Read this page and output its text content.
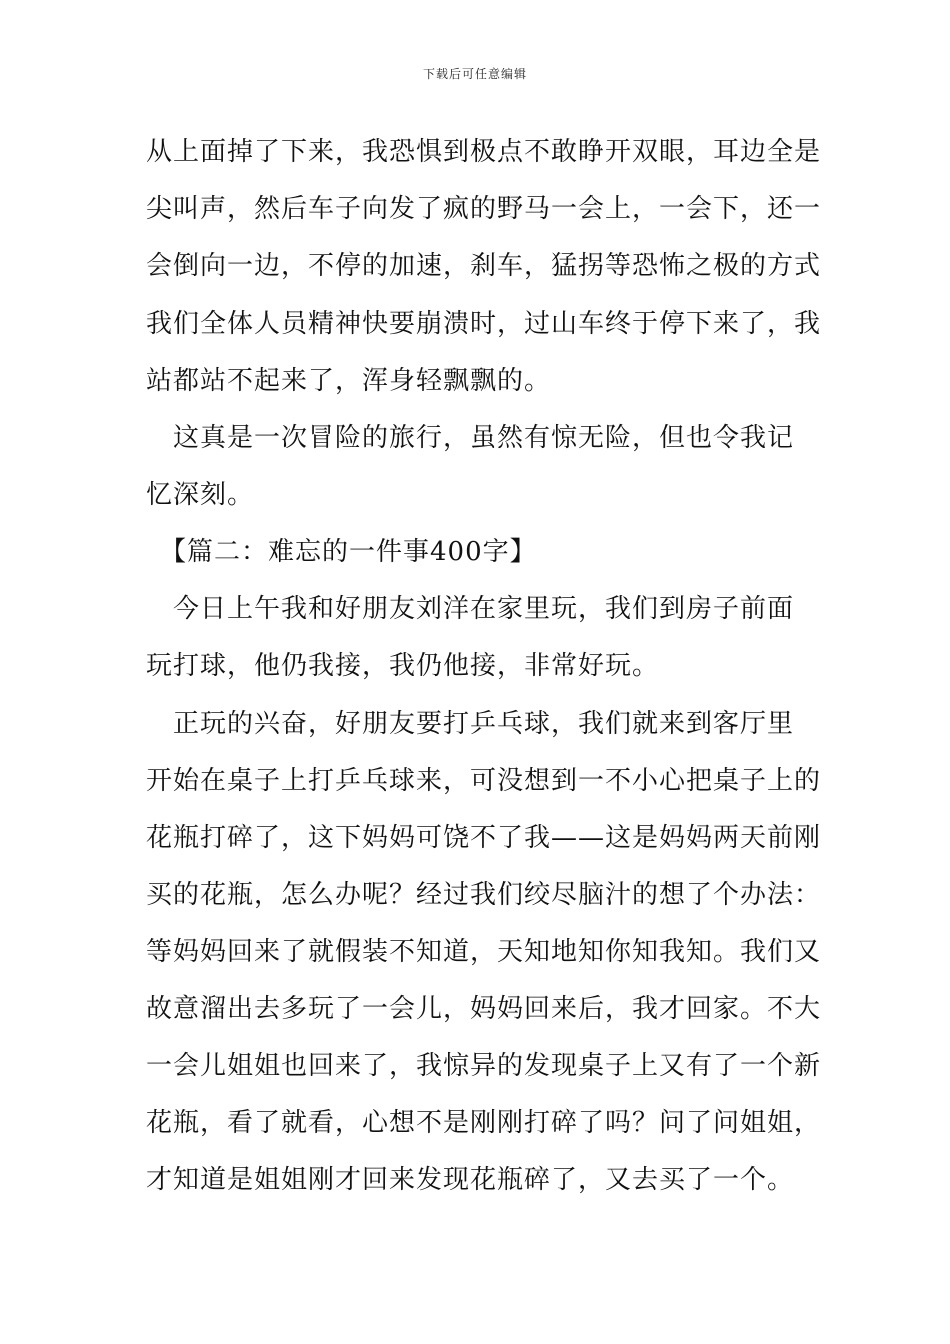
下载后可任意编辑
从上面掉了下来，我恐惧到极点不敢睁开双眼，耳边全是
尖叫声，然后车子向发了疯的野马一会上，一会下，还一
会倒向一边，不停的加速，刹车，猛拐等恐怖之极的方式
我们全体人员精神快要崩溃时，过山车终于停下来了，我
站都站不起来了，浑身轻飘飘的。
　这真是一次冒险的旅行，虽然有惊无险，但也令我记
忆深刻。
　【篇二：难忘的一件事400字】
　今日上午我和好朋友刘洋在家里玩，我们到房子前面
玩打球，他仍我接，我仍他接，非常好玩。
　正玩的兴奋，好朋友要打乒乓球，我们就来到客厅里
开始在桌子上打乒乓球来，可没想到一不小心把桌子上的
花瓶打碎了，这下妈妈可饶不了我——这是妈妈两天前刚
买的花瓶，怎么办呢？经过我们绞尽脑汁的想了个办法：
等妈妈回来了就假装不知道，天知地知你知我知。我们又
故意溜出去多玩了一会儿，妈妈回来后，我才回家。不大
一会儿姐姐也回来了，我惊异的发现桌子上又有了一个新
花瓶，看了就看，心想不是刚刚打碎了吗？问了问姐姐，
才知道是姐姐刚才回来发现花瓶碎了，又去买了一个。
